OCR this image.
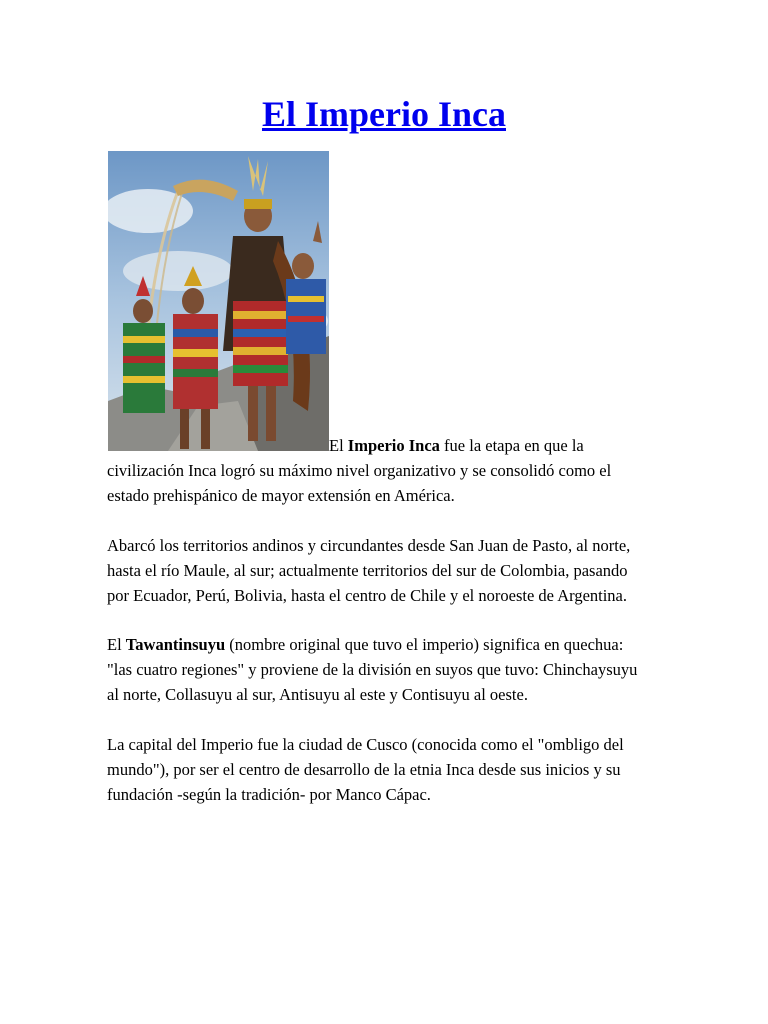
El Imperio Inca

El Imperio Inca fue la etapa en que la

civilización Inca logró su máximo nivel organizativo y se consolidó como el
estado prehispánico de mayor extensión en América.

Abarcó los territorios andinos y circundantes desde San Juan de Pasto, al norte,
hasta el río Maule, al sur; actualmente territorios del sur de Colombia, pasando
por Ecuador, Perú, Bolivia, hasta el centro de Chile y el noroeste de Argentina.

El Tawantinsuyu (nombre original que tuvo el imperio) significa en quechua:
"las cuatro regiones" y proviene de la división en suyos que tuvo: Chinchaysuyu
al norte, Collasuyu al sur, Antisuyu al este y Contisuyu al oeste.

La capital del Imperio fue la ciudad de Cusco (conocida como el "ombligo del
mundo"), por ser el centro de desarrollo de la etnia Inca desde sus inicios y su
fundación -según la tradición- por Manco Cápac.
